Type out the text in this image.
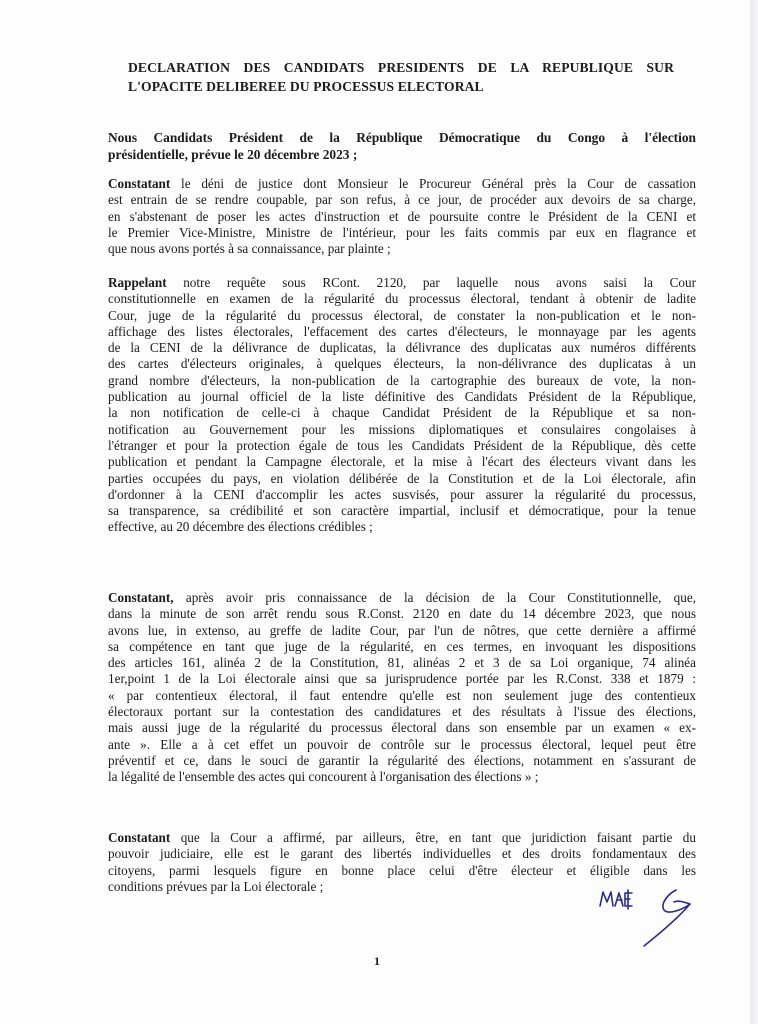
DECLARATION DES CANDIDATS PRESIDENTS DE LA REPUBLIQUE SUR
L'OPACITE DELIBEREE DU PROCESSUS ELECTORAL
Nous Candidats Président de la République Démocratique du Congo à l'élection
présidentielle, prévue le 20 décembre 2023 ;
Constatant le déni de justice dont Monsieur le Procureur Général près la Cour de cassation
est entrain de se rendre coupable, par son refus, à ce jour, de procéder aux devoirs de sa charge,
en s'abstenant de poser les actes d'instruction et de poursuite contre le Président de la CENI et
le Premier Vice-Ministre, Ministre de l'intérieur, pour les faits commis par eux en flagrance et
que nous avons portés à sa connaissance, par plainte ;
Rappelant notre requête sous RCont. 2120, par laquelle nous avons saisi la Cour
constitutionnelle en examen de la régularité du processus électoral, tendant à obtenir de ladite
Cour, juge de la régularité du processus électoral, de constater la non-publication et le non-
affichage des listes électorales, l'effacement des cartes d'électeurs, le monnayage par les agents
de la CENI de la délivrance de duplicatas, la délivrance des duplicatas aux numéros différents
des cartes d'électeurs originales, à quelques électeurs, la non-délivrance des duplicatas à un
grand nombre d'électeurs, la non-publication de la cartographie des bureaux de vote, la non-
publication au journal officiel de la liste définitive des Candidats Président de la République,
la non notification de celle-ci à chaque Candidat Président de la République et sa non-
notification au Gouvernement pour les missions diplomatiques et consulaires congolaises à
l'étranger et pour la protection égale de tous les Candidats Président de la République, dès cette
publication et pendant la Campagne électorale, et la mise à l'écart des électeurs vivant dans les
parties occupées du pays, en violation délibérée de la Constitution et de la Loi électorale, afin
d'ordonner à la CENI d'accomplir les actes susvisés, pour assurer la régularité du processus,
sa transparence, sa crédibilité et son caractère impartial, inclusif et démocratique, pour la tenue
effective, au 20 décembre des élections crédibles ;
Constatant, après avoir pris connaissance de la décision de la Cour Constitutionnelle, que,
dans la minute de son arrêt rendu sous R.Const. 2120 en date du 14 décembre 2023, que nous
avons lue, in extenso, au greffe de ladite Cour, par l'un de nôtres, que cette dernière a affirmé
sa compétence en tant que juge de la régularité, en ces termes, en invoquant les dispositions
des articles 161, alinéa 2 de la Constitution, 81, alinéas 2 et 3 de sa Loi organique, 74 alinéa
1er,point 1 de la Loi électorale ainsi que sa jurisprudence portée par les R.Const. 338 et 1879 :
« par contentieux électoral, il faut entendre qu'elle est non seulement juge des contentieux
électoraux portant sur la contestation des candidatures et des résultats à l'issue des élections,
mais aussi juge de la régularité du processus électoral dans son ensemble par un examen « ex-
ante ». Elle a à cet effet un pouvoir de contrôle sur le processus électoral, lequel peut être
préventif et ce, dans le souci de garantir la régularité des élections, notamment en s'assurant de
la légalité de l'ensemble des actes qui concourent à l'organisation des élections » ;
Constatant que la Cour a affirmé, par ailleurs, être, en tant que juridiction faisant partie du
pouvoir judiciaire, elle est le garant des libertés individuelles et des droits fondamentaux des
citoyens, parmi lesquels figure en bonne place celui d'être électeur et éligible dans les
conditions prévues par la Loi électorale ;
1
